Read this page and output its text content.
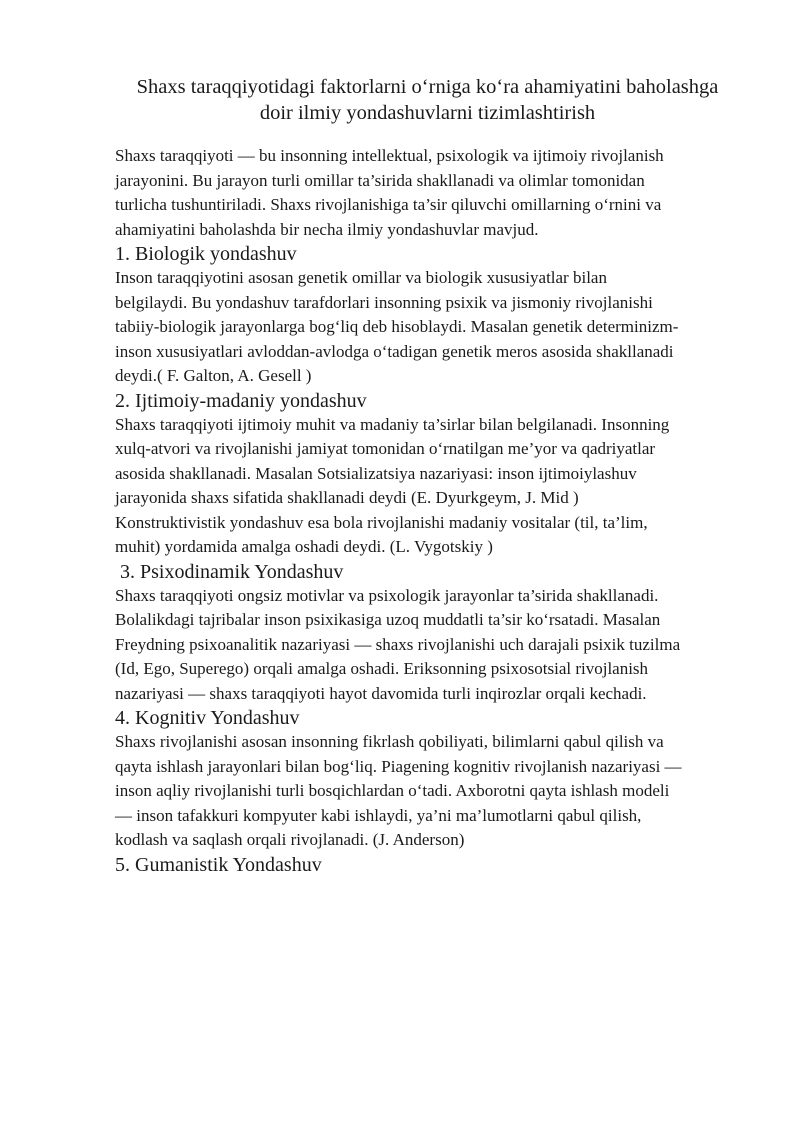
Shaxs taraqqiyotidagi faktorlarni o‘rniga ko‘ra ahamiyatini baholashga
doir ilmiy yondashuvlarni tizimlashtirish

Shaxs taraqqiyoti — bu insonning intellektual, psixologik va ijtimoiy rivojlanish
jarayonini. Bu jarayon turli omillar ta’sirida shakllanadi va olimlar tomonidan
turlicha tushuntiriladi. Shaxs rivojlanishiga ta’sir qiluvchi omillarning o‘rnini va
ahamiyatini baholashda bir necha ilmiy yondashuvlar mavjud.

1. Biologik yondashuv

Inson taraqqiyotini asosan genetik omillar va biologik xususiyatlar bilan
belgilaydi. Bu yondashuv tarafdorlari insonning psixik va jismoniy rivojlanishi
tabiiy-biologik jarayonlarga bog‘liq deb hisoblaydi. Masalan genetik determinizm-
inson xususiyatlari avloddan-avlodga o‘tadigan genetik meros asosida shakllanadi
deydi.( F. Galton, A. Gesell )

2. Ijtimoiy-madaniy yondashuv

Shaxs taraqqiyoti ijtimoiy muhit va madaniy ta’sirlar bilan belgilanadi. Insonning
xulq-atvori va rivojlanishi jamiyat tomonidan o‘rnatilgan me’yor va qadriyatlar
asosida shakllanadi. Masalan Sotsializatsiya nazariyasi: inson ijtimoiylashuv
jarayonida shaxs sifatida shakllanadi deydi (E. Dyurkgeym, J. Mid )
Konstruktivistik yondashuv esa bola rivojlanishi madaniy vositalar (til, ta’lim,
muhit) yordamida amalga oshadi deydi. (L. Vygotskiy )

3. Psixodinamik Yondashuv

Shaxs taraqqiyoti ongsiz motivlar va psixologik jarayonlar ta’sirida shakllanadi.
Bolalikdagi tajribalar inson psixikasiga uzoq muddatli ta’sir ko‘rsatadi. Masalan
Freydning psixoanalitik nazariyasi — shaxs rivojlanishi uch darajali psixik tuzilma
(Id, Ego, Superego) orqali amalga oshadi. Eriksonning psixosotsial rivojlanish
nazariyasi — shaxs taraqqiyoti hayot davomida turli inqirozlar orqali kechadi.

4. Kognitiv Yondashuv

Shaxs rivojlanishi asosan insonning fikrlash qobiliyati, bilimlarni qabul qilish va
qayta ishlash jarayonlari bilan bog‘liq. Piagening kognitiv rivojlanish nazariyasi —
inson aqliy rivojlanishi turli bosqichlardan o‘tadi. Axborotni qayta ishlash modeli
— inson tafakkuri kompyuter kabi ishlaydi, ya’ni ma’lumotlarni qabul qilish,
kodlash va saqlash orqali rivojlanadi. (J. Anderson)

5. Gumanistik Yondashuv
